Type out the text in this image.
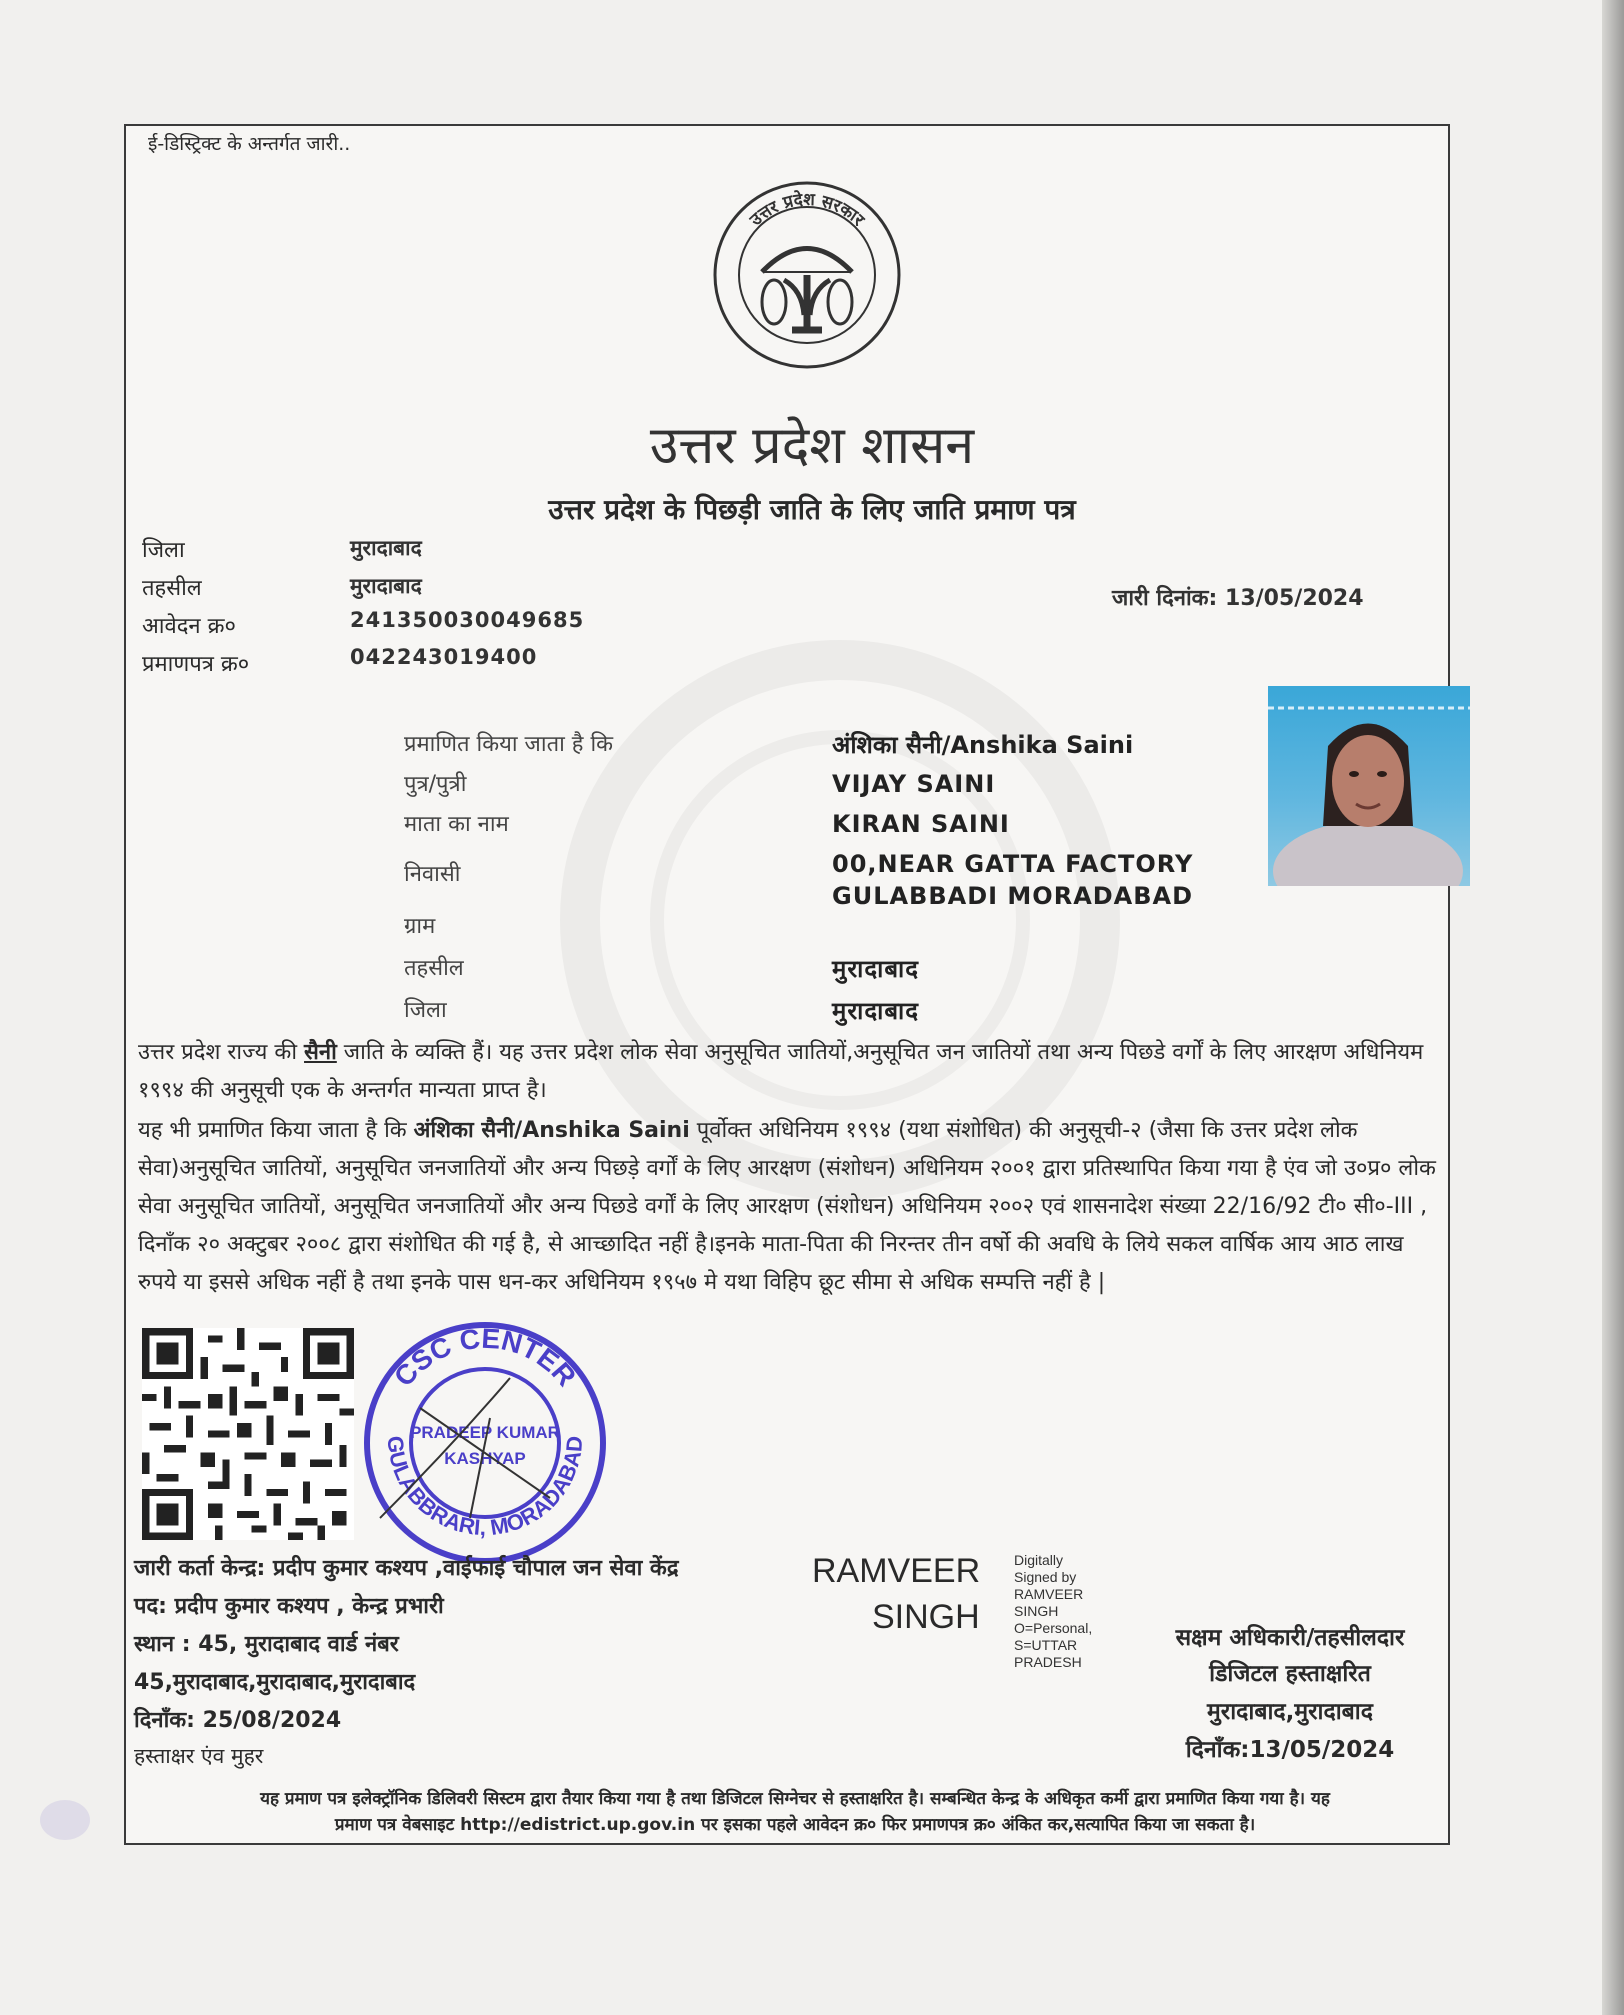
ई-डिस्ट्रिक्ट के अन्तर्गत जारी..
उत्तर प्रदेश सरकार
उत्तर प्रदेश शासन
उत्तर प्रदेश के पिछड़ी जाति के लिए जाति प्रमाण पत्र
जिला	मुरादाबाद
तहसील	मुरादाबाद
आवेदन क्र०	241350030049685
प्रमाणपत्र क्र०	042243019400
जारी दिनांक: 13/05/2024
प्रमाणित किया जाता है कि	अंशिका सैनी/Anshika Saini
पुत्र/पुत्री	VIJAY SAINI
माता का नाम	KIRAN SAINI
निवासी	00,NEAR GATTA FACTORY
GULABBADI MORADABAD
ग्राम
तहसील	मुरादाबाद
जिला	मुरादाबाद
उत्तर प्रदेश राज्य की सैनी जाति के व्यक्ति हैं। यह उत्तर प्रदेश लोक सेवा अनुसूचित जातियों,अनुसूचित जन जातियों तथा अन्य पिछडे वर्गों के लिए आरक्षण अधिनियम १९९४ की अनुसूची एक के अन्तर्गत मान्यता प्राप्त है।
यह भी प्रमाणित किया जाता है कि अंशिका सैनी/Anshika Saini पूर्वोक्त अधिनियम १९९४ (यथा संशोधित) की अनुसूची-२ (जैसा कि उत्तर प्रदेश लोक सेवा)अनुसूचित जातियों, अनुसूचित जनजातियों और अन्य पिछड़े वर्गों के लिए आरक्षण (संशोधन) अधिनियम २००१ द्वारा प्रतिस्थापित किया गया है एंव जो उ०प्र० लोक सेवा अनुसूचित जातियों, अनुसूचित जनजातियों और अन्य पिछडे वर्गों के लिए आरक्षण (संशोधन) अधिनियम २००२ एवं शासनादेश संख्या 22/16/92 टी० सी०-III , दिनाँक २० अक्टुबर २००८ द्वारा संशोधित की गई है, से आच्छादित नहीं है।इनके माता-पिता की निरन्तर तीन वर्षो की अवधि के लिये सकल वार्षिक आय आठ लाख रुपये या इससे अधिक नहीं है तथा इनके पास धन-कर अधिनियम १९५७ मे यथा विहिप छूट सीमा से अधिक सम्पत्ति नहीं है |
CSC CENTER
GULABBRARI, MORADABAD
PRADEEP KUMAR
KASHYAP
जारी कर्ता केन्द्र: प्रदीप कुमार कश्यप ,वाईफाई चौपाल जन सेवा केंद्र
पद: प्रदीप कुमार कश्यप , केन्द्र प्रभारी
स्थान : 45, मुरादाबाद वार्ड नंबर
45,मुरादाबाद,मुरादाबाद,मुरादाबाद
दिनाँक: 25/08/2024
हस्ताक्षर एंव मुहर
RAMVEER
SINGH
Digitally
Signed by
RAMVEER
SINGH
O=Personal,
S=UTTAR
PRADESH
सक्षम अधिकारी/तहसीलदार
डिजिटल हस्ताक्षरित
मुरादाबाद,मुरादाबाद
दिनाँक:13/05/2024
यह प्रमाण पत्र इलेक्ट्रॉनिक डिलिवरी सिस्टम द्वारा तैयार किया गया है तथा डिजिटल सिग्नेचर से हस्ताक्षरित है। सम्बन्धित केन्द्र के अधिकृत कर्मी द्वारा प्रमाणित किया गया है। यह
प्रमाण पत्र वेबसाइट http://edistrict.up.gov.in पर इसका पहले आवेदन क्र० फिर प्रमाणपत्र क्र० अंकित कर,सत्यापित किया जा सकता है।
